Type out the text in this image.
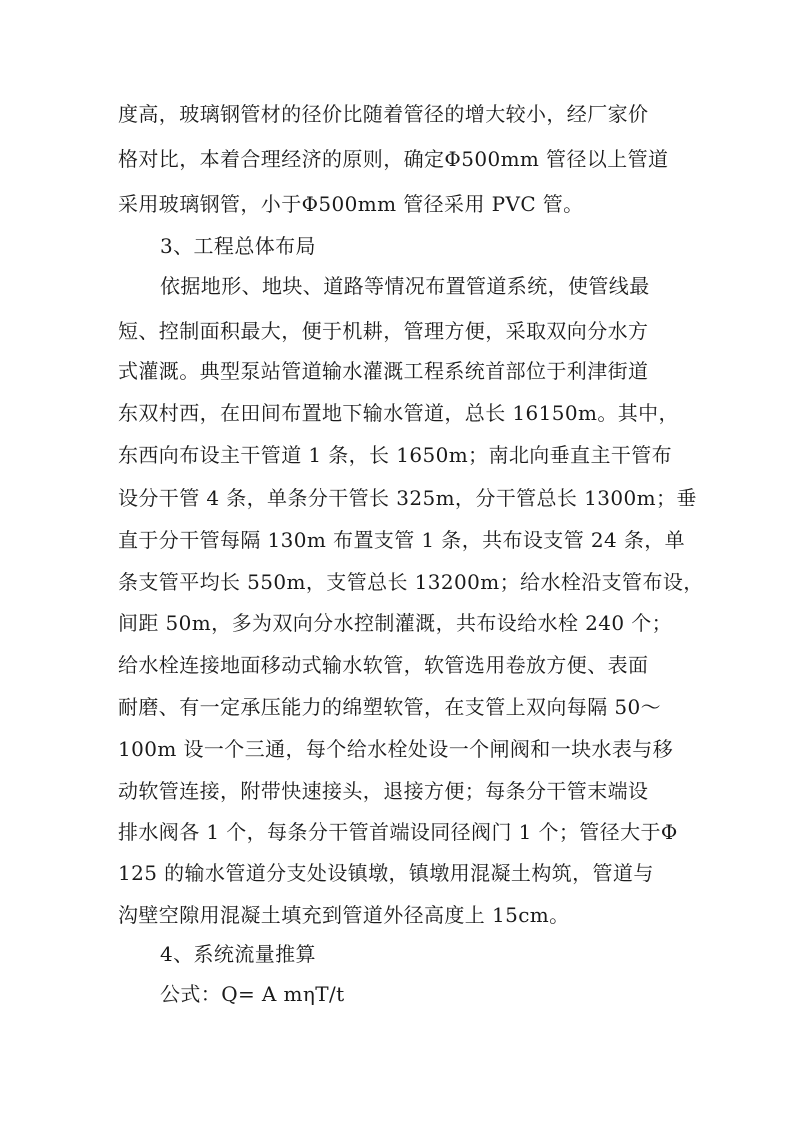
度高，玻璃钢管材的径价比随着管径的增大较小，经厂家价
格对比，本着合理经济的原则，确定Φ500mm 管径以上管道
采用玻璃钢管，小于Φ500mm 管径采用 PVC 管。
3、工程总体布局
依据地形、地块、道路等情况布置管道系统，使管线最
短、控制面积最大，便于机耕，管理方便，采取双向分水方
式灌溉。典型泵站管道输水灌溉工程系统首部位于利津街道
东双村西，在田间布置地下输水管道，总长 16150m。其中，
东西向布设主干管道 1 条，长 1650m；南北向垂直主干管布
设分干管 4 条，单条分干管长 325m，分干管总长 1300m；垂
直于分干管每隔 130m 布置支管 1 条，共布设支管 24 条，单
条支管平均长 550m，支管总长 13200m；给水栓沿支管布设，
间距 50m，多为双向分水控制灌溉，共布设给水栓 240 个；
给水栓连接地面移动式输水软管，软管选用卷放方便、表面
耐磨、有一定承压能力的绵塑软管，在支管上双向每隔 50～
100m 设一个三通，每个给水栓处设一个闸阀和一块水表与移
动软管连接，附带快速接头，退接方便；每条分干管末端设
排水阀各 1 个，每条分干管首端设同径阀门 1 个；管径大于Φ
125 的输水管道分支处设镇墩，镇墩用混凝土构筑，管道与
沟壁空隙用混凝土填充到管道外径高度上 15cm。
4、系统流量推算
公式：Q= A mηT/t
